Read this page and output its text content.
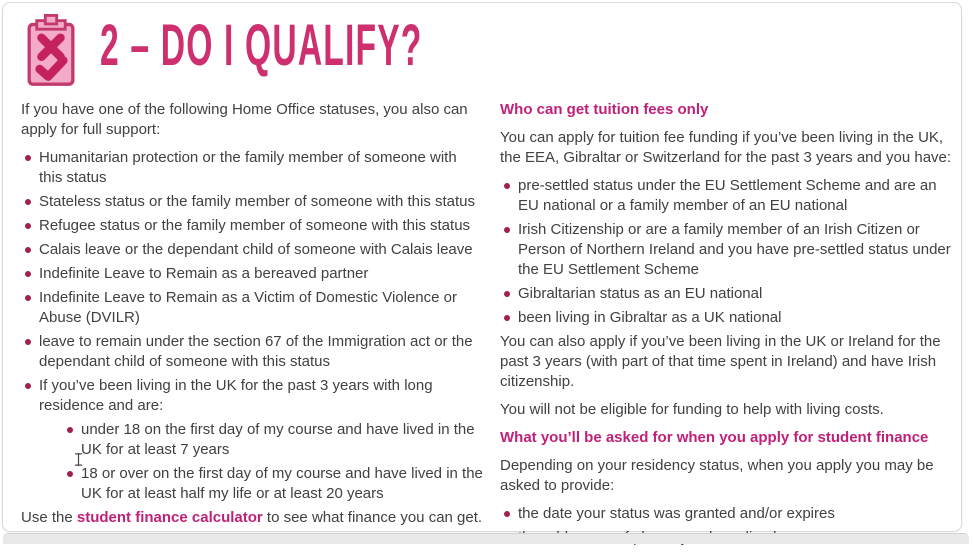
2 – DO I QUALIFY?

If you have one of the following Home Office statuses, you also can apply for full support:

Humanitarian protection or the family member of someone with this status
Stateless status or the family member of someone with this status
Refugee status or the family member of someone with this status
Calais leave or the dependant child of someone with Calais leave
Indefinite Leave to Remain as a bereaved partner
Indefinite Leave to Remain as a Victim of Domestic Violence or Abuse (DVILR)
leave to remain under the section 67 of the Immigration act or the dependant child of someone with this status
If you’ve been living in the UK for the past 3 years with long residence and are:
under 18 on the first day of my course and have lived in the UK for at least 7 years
18 or over on the first day of my course and have lived in the UK for at least half my life or at least 20 years

Use the student finance calculator to see what finance you can get.

Who can get tuition fees only

You can apply for tuition fee funding if you’ve been living in the UK, the EEA, Gibraltar or Switzerland for the past 3 years and you have:

pre-settled status under the EU Settlement Scheme and are an EU national or a family member of an EU national
Irish Citizenship or are a family member of an Irish Citizen or Person of Northern Ireland and you have pre-settled status under the EU Settlement Scheme
Gibraltarian status as an EU national
been living in Gibraltar as a UK national

You can also apply if you’ve been living in the UK or Ireland for the past 3 years (with part of that time spent in Ireland) and have Irish citizenship.

You will not be eligible for funding to help with living costs.

What you’ll be asked for when you apply for student finance

Depending on your residency status, when you apply you may be asked to provide:

the date your status was granted and/or expires
